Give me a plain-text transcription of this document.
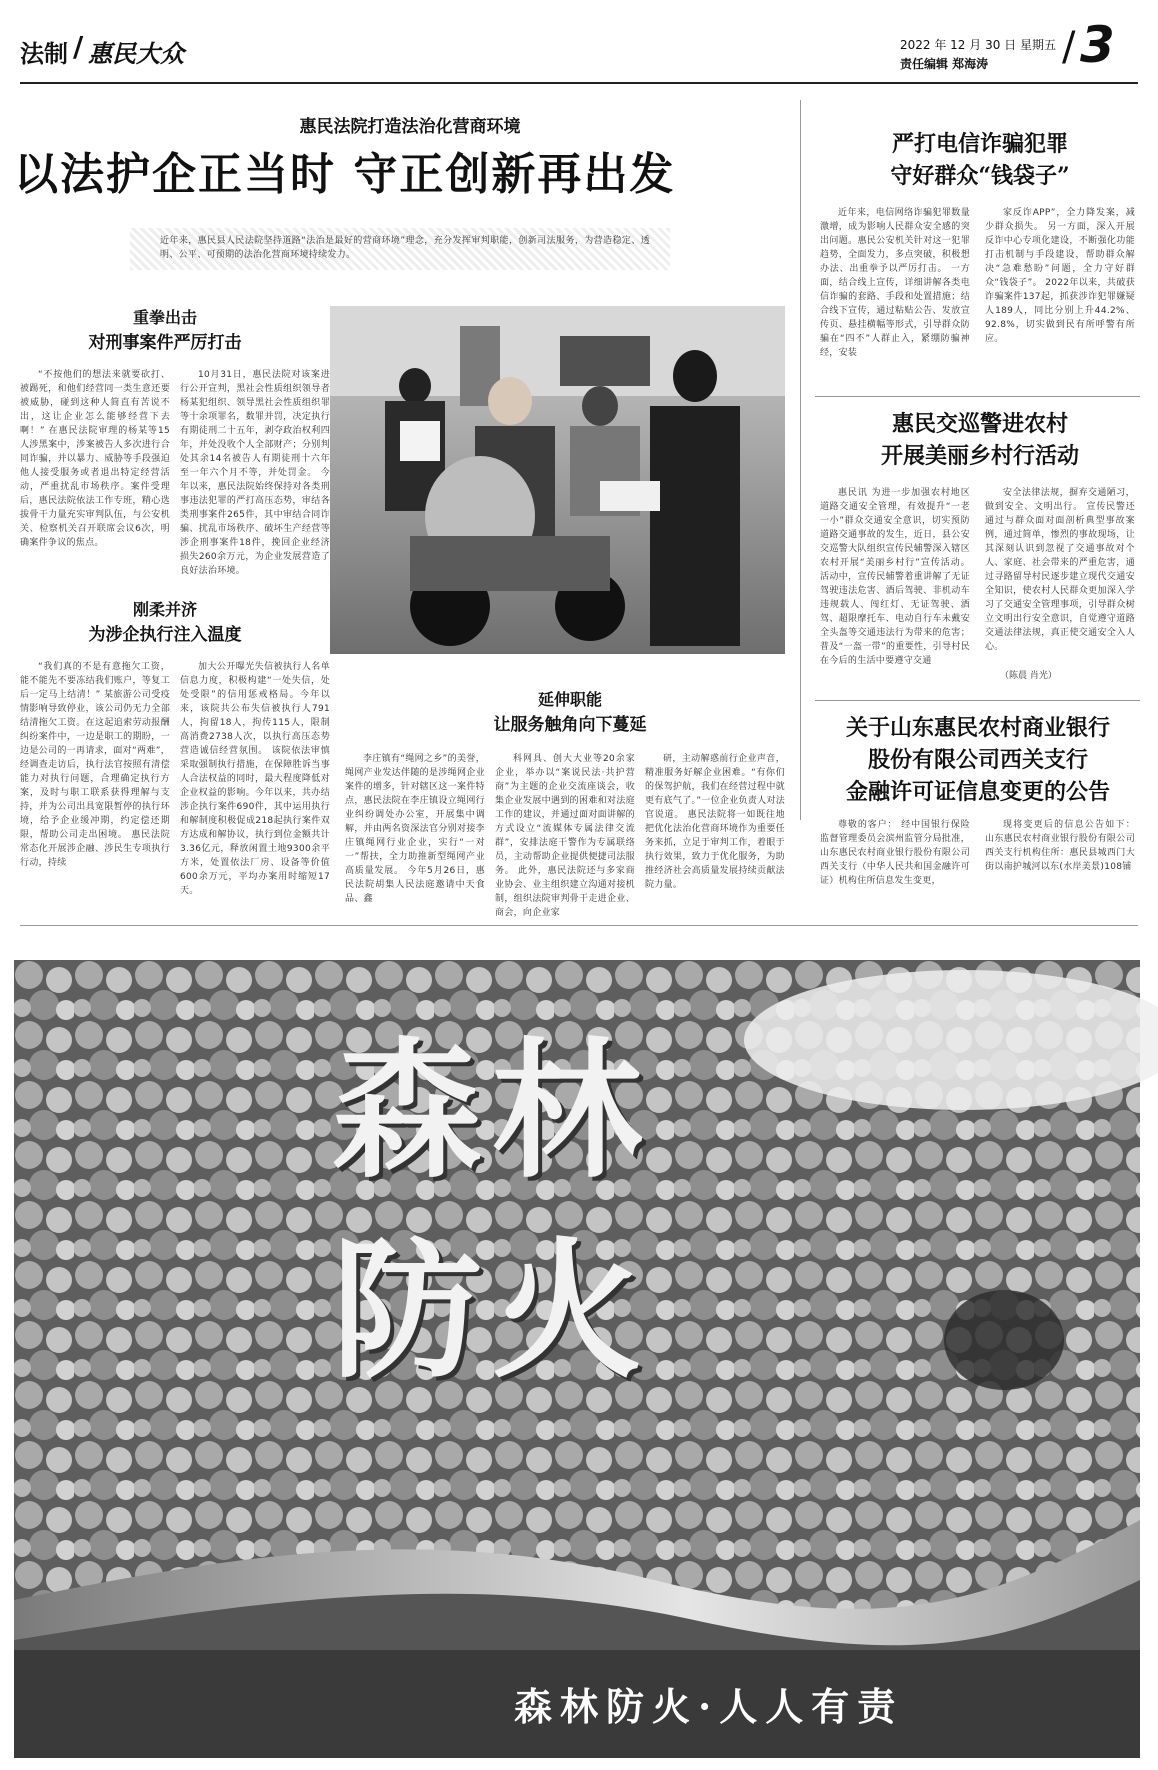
法制 / 惠民大众	2022 年 12 月 30 日 星期五
责任编辑 郑海涛 / 3
惠民法院打造法治化营商环境
以法护企正当时 守正创新再出发
近年来，惠民县人民法院坚持道路“法治是最好的营商环境”理念，充分发挥审判职能，创新司法服务，为营造稳定、透明、公平、可预期的法治化营商环境持续发力。
重拳出击
对刑事案件严厉打击

“不按他们的想法来就要砍打、被踢死，和他们经营同一类生意还要被威胁，碰到这种人简直有苦说不出，这让企业怎么能够经营下去啊！” 在惠民法院审理的杨某等15人涉黑案中，涉案被告人多次进行合同诈骗，并以暴力、威胁等手段强迫他人接受服务或者退出特定经营活动，严重扰乱市场秩序。案件受理后，惠民法院依法工作专班，精心选拔骨干力量充实审判队伍，与公安机关、检察机关召开联席会议6次，明确案件争议的焦点。

10月31日，惠民法院对该案进行公开宣判，黑社会性质组织领导者杨某犯组织、领导黑社会性质组织罪等十余项罪名，数罪并罚，决定执行有期徒刑二十五年，剥夺政治权利四年，并处没收个人全部财产；分别判处其余14名被告人有期徒刑十六年至一年六个月不等，并处罚金。 今年以来，惠民法院始终保持对各类刑事违法犯罪的严打高压态势，审结各类刑事案件265件，其中审结合同诈骗、扰乱市场秩序、破坏生产经营等涉企刑事案件18件，挽回企业经济损失260余万元，为企业发展营造了良好法治环境。

刚柔并济
为涉企执行注入温度

“我们真的不是有意拖欠工资，能不能先不要冻结我们账户，等复工后一定马上结清！” 某旅游公司受疫情影响导致停业，该公司仍无力全部结清拖欠工资。在这起追索劳动报酬纠纷案件中，一边是职工的期盼，一边是公司的一再请求，面对“两难”，经调查走访后，执行法官按照有清偿能力对执行问题，合理确定执行方案，及时与职工联系获得理解与支持，并为公司出具宽限暂停的执行环境，给予企业缓冲期，约定偿还期限，帮助公司走出困境。 惠民法院常态化开展涉企融、涉民生专项执行行动，持续

加大公开曝光失信被执行人名单信息力度，积极构建“一处失信，处处受限”的信用惩戒格局。今年以来，该院共公布失信被执行人791人，拘留18人，拘传115人，限制高消费2738人次，以执行高压态势营造诚信经营氛围。 该院依法审慎采取强制执行措施，在保障胜诉当事人合法权益的同时，最大程度降低对企业权益的影响。今年以来，共办结涉企执行案件690件，其中运用执行和解制度积极促成218起执行案件双方达成和解协议，执行到位金额共计3.36亿元，释放闲置土地9300余平方米，处置依法厂房、设备等价值600余万元，平均办案用时缩短17天。

延伸职能
让服务触角向下蔓延

李庄镇有“绳网之乡”的美誉，绳网产业发达伴随的是涉绳网企业案件的增多，针对辖区这一案件特点，惠民法院在李庄镇设立绳网行业纠纷调处办公室，开展集中调解，并由两名资深法官分别对接李庄镇绳网行业企业，实行“一对一”帮扶，全力助推新型绳网产业高质量发展。 今年5月26日，惠民法院胡集人民法庭邀请中天食品、鑫

科网具、创大大业等20余家企业，举办以“案说民法·共护营商”为主题的企业交流座谈会，收集企业发展中遇到的困难和对法庭工作的建议，并通过面对面讲解的方式设立“流媒体专属法律交流群”，安排法庭干警作为专属联络员，主动帮助企业提供便捷司法服务。 此外，惠民法院还与多家商业协会、业主组织建立沟通对接机制，组织法院审判骨干走进企业、商会，向企业家

研，主动解惑前行企业声音，精准服务好解企业困难。“有你们的保驾护航，我们在经营过程中就更有底气了。”一位企业负责人对法官说道。 惠民法院将一如既往地把优化法治化营商环境作为重要任务来抓，立足于审判工作，着眼于执行效果，致力于优化服务，为助推经济社会高质量发展持续贡献法院力量。

严打电信诈骗犯罪
守好群众“钱袋子”

近年来，电信网络诈骗犯罪数量激增，成为影响人民群众安全感的突出问题。惠民公安机关针对这一犯罪趋势，全面发力，多点突破，积极想办法、出重拳予以严厉打击。 一方面，结合线上宣传，详细讲解各类电信诈骗的套路、手段和处置措施；结合线下宣传，通过粘贴公告、发放宣传页、悬挂横幅等形式，引导群众防骗在“四不”人群止入，紧绷防骗神经，安装

家反诈APP”，全力降发案，减少群众损失。 另一方面，深入开展反诈中心专项化建设，不断强化功能打击机制与手段建设，帮助群众解决“急难愁盼”问题，全力守好群众“钱袋子”。 2022年以来，共破获诈骗案件137起，抓获涉诈犯罪嫌疑人189人，同比分别上升44.2%、92.8%，切实做到民有所呼警有所应。

惠民交巡警进农村
开展美丽乡村行活动

惠民讯 为进一步加强农村地区道路交通安全管理，有效提升“一老一小”群众交通安全意识，切实预防道路交通事故的发生，近日，县公安交巡警大队组织宣传民辅警深入辖区农村开展“美丽乡村行”宣传活动。 活动中，宣传民辅警着重讲解了无证驾驶违法危害、酒后驾驶、非机动车违规载人、闯红灯、无证驾驶、酒驾、超限摩托车、电动自行车未戴安全头盔等交通违法行为带来的危害；普及“一盔一带”的重要性，引导村民在今后的生活中要遵守交通

安全法律法规，摒弃交通陋习，做到安全、文明出行。 宣传民警还通过与群众面对面剖析典型事故案例，通过简单，惨烈的事故现场，让其深刻认识到忽视了交通事故对个人、家庭、社会带来的严重危害，通过寻路留导村民逐步建立现代交通安全知识，使农村人民群众更加深入学习了交通安全管理事项，引导群众树立文明出行安全意识，自觉遵守道路交通法律法规，真正使交通安全入人心。

（陈晨 肖光）
关于山东惠民农村商业银行
股份有限公司西关支行
金融许可证信息变更的公告

尊敬的客户： 经中国银行保险监督管理委员会滨州监管分局批准，山东惠民农村商业银行股份有限公司西关支行（中华人民共和国金融许可证）机构住所信息发生变更，

现将变更后的信息公告如下： 山东惠民农村商业银行股份有限公司西关支行机构住所：惠民县城西门大街以南护城河以东(水岸美景)108铺

森林
防火
森林防火·人人有责
